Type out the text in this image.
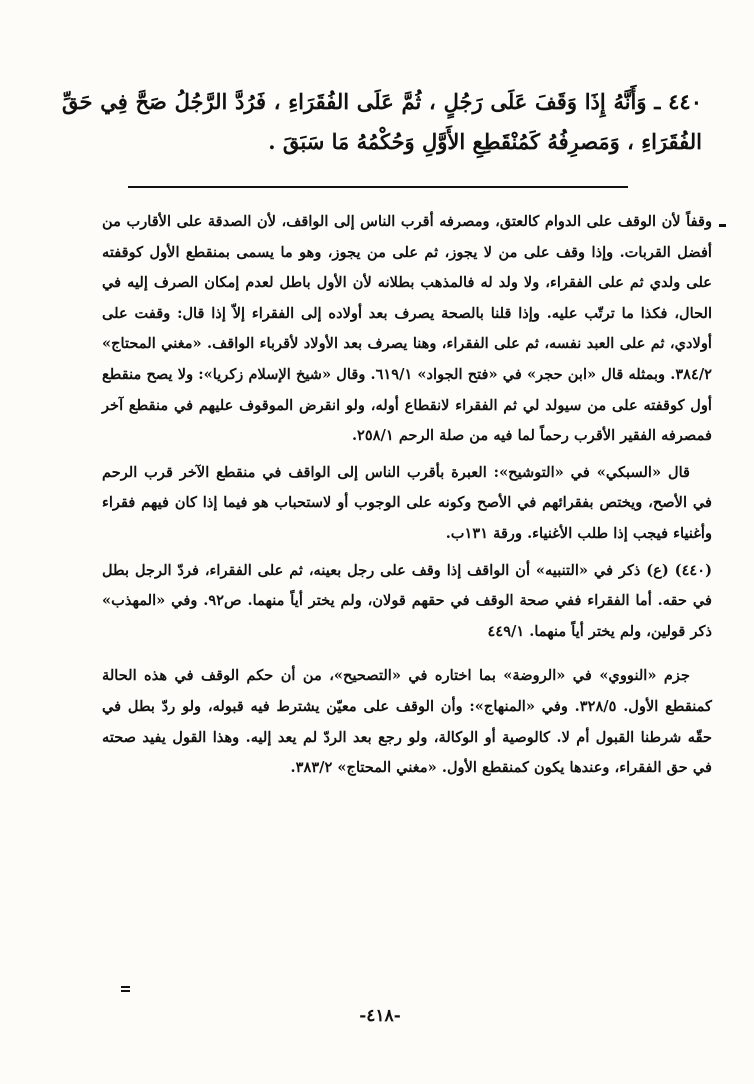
٤٤٠ ـ وَأَنَّهُ إِذَا وَقَفَ عَلَى رَجُلٍ ، ثُمَّ عَلَى الفُقَرَاءِ ، فَرُدَّ الرَّجُلُ صَحَّ فِي حَقِّ الفُقَرَاءِ ، وَمَصرِفُهُ كَمُنْقَطِعِ الأَوَّلِ وَحُكْمُهُ مَا سَبَقَ .

وقفاً لأن الوقف على الدوام كالعتق، ومصرفه أقرب الناس إلى الواقف، لأن الصدقة على الأقارب من أفضل القربات. وإذا وقف على من لا يجوز، ثم على من يجوز، وهو ما يسمى بمنقطع الأول كوقفته على ولدي ثم على الفقراء، ولا ولد له فالمذهب بطلانه لأن الأول باطل لعدم إمكان الصرف إليه في الحال، فكذا ما ترتّب عليه. وإذا قلنا بالصحة يصرف بعد أولاده إلى الفقراء إلاّ إذا قال: وقفت على أولادي، ثم على العبد نفسه، ثم على الفقراء، وهنا يصرف بعد الأولاد لأقرباء الواقف. «مغني المحتاج» ٣٨٤/٢. وبمثله قال «ابن حجر» في «فتح الجواد» ٦١٩/١. وقال «شيخ الإسلام زكريا»: ولا يصح منقطع أول كوقفته على من سيولد لي ثم الفقراء لانقطاع أوله، ولو انقرض الموقوف عليهم في منقطع آخر فمصرفه الفقير الأقرب رحماً لما فيه من صلة الرحم ٢٥٨/١.

قال «السبكي» في «التوشيح»: العبرة بأقرب الناس إلى الواقف في منقطع الآخر قرب الرحم في الأصح، ويختص بفقرائهم في الأصح وكونه على الوجوب أو لاستحباب هو فيما إذا كان فيهم فقراء وأغنياء فيجب إذا طلب الأغنياء. ورقة ١٣١ب.

(٤٤٠) (ع) ذكر في «التنبيه» أن الواقف إذا وقف على رجل بعينه، ثم على الفقراء، فردّ الرجل بطل في حقه. أما الفقراء ففي صحة الوقف في حقهم قولان، ولم يختر أياً منهما. ص٩٢. وفي «المهذب» ذكر قولين، ولم يختر أياً منهما. ٤٤٩/١

جزم «النووي» في «الروضة» بما اختاره في «التصحيح»، من أن حكم الوقف في هذه الحالة كمنقطع الأول. ٣٢٨/٥. وفي «المنهاج»: وأن الوقف على معيّن يشترط فيه قبوله، ولو ردّ بطل في حقّه شرطنا القبول أم لا. كالوصية أو الوكالة، ولو رجع بعد الردّ لم يعد إليه. وهذا القول يفيد صحته في حق الفقراء، وعندها يكون كمنقطع الأول. «مغني المحتاج» ٣٨٣/٢.

-٤١٨-
